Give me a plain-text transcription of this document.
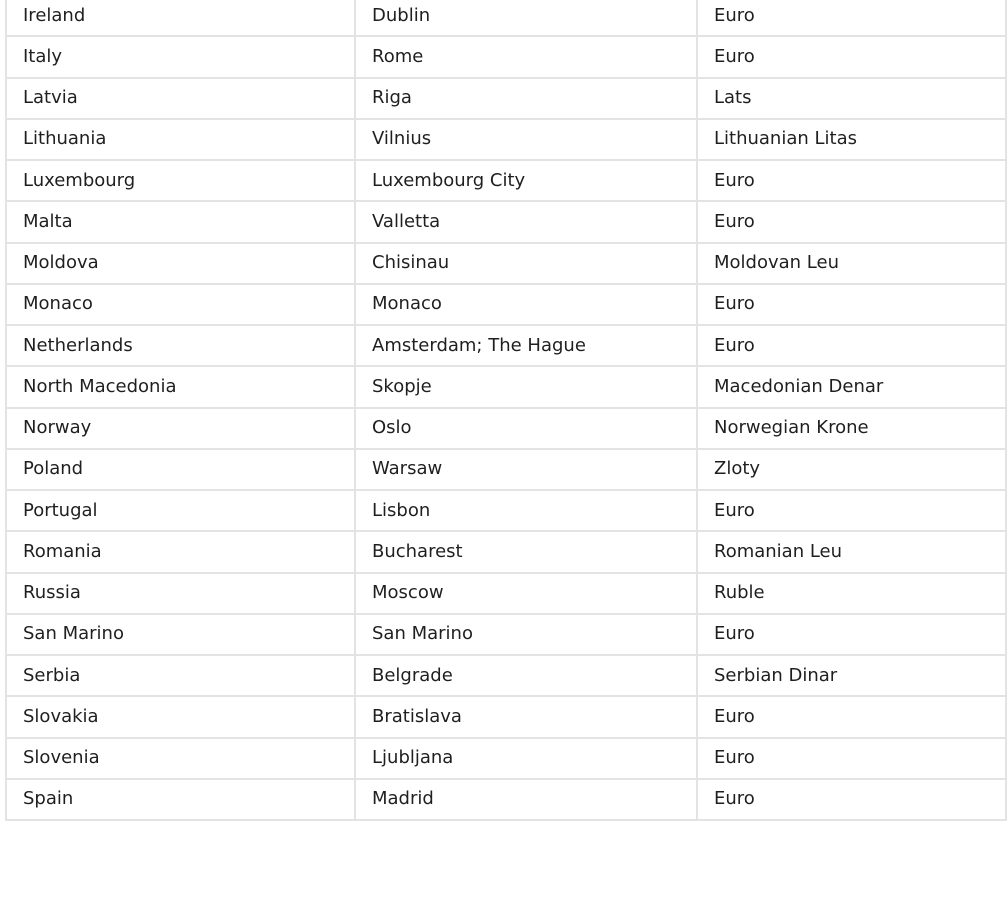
Ireland	Dublin	Euro
Italy	Rome	Euro
Latvia	Riga	Lats
Lithuania	Vilnius	Lithuanian Litas
Luxembourg	Luxembourg City	Euro
Malta	Valletta	Euro
Moldova	Chisinau	Moldovan Leu
Monaco	Monaco	Euro
Netherlands	Amsterdam; The Hague	Euro
North Macedonia	Skopje	Macedonian Denar
Norway	Oslo	Norwegian Krone
Poland	Warsaw	Zloty
Portugal	Lisbon	Euro
Romania	Bucharest	Romanian Leu
Russia	Moscow	Ruble
San Marino	San Marino	Euro
Serbia	Belgrade	Serbian Dinar
Slovakia	Bratislava	Euro
Slovenia	Ljubljana	Euro
Spain	Madrid	Euro
